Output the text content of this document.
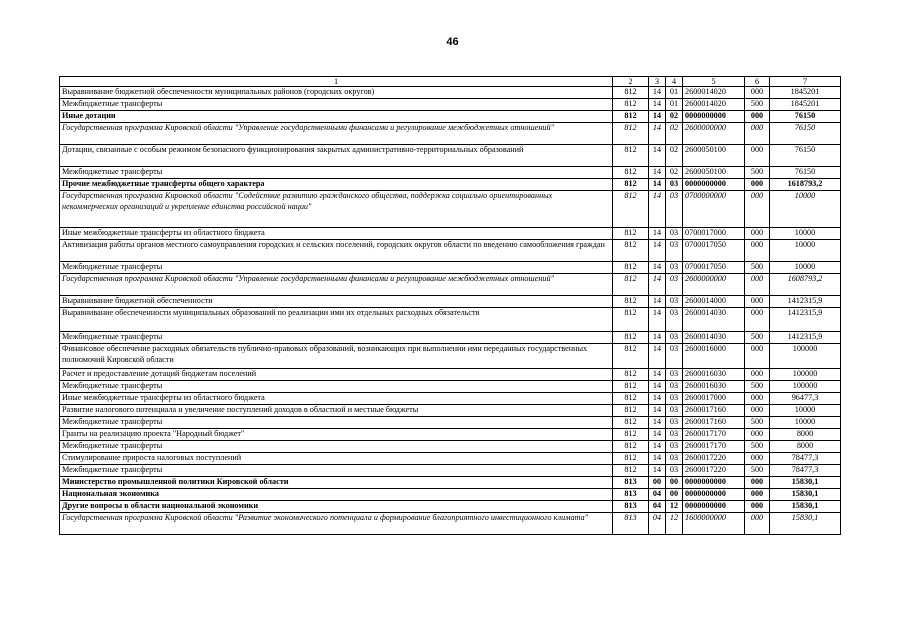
46
1	2	3	4	5	6	7
Выравнивание бюджетной обеспеченности муниципальных районов (городских округов)	812	14	01	2600014020	000	1845201
Межбюджетные трансферты	812	14	01	2600014020	500	1845201
Иные дотации	812	14	02	0000000000	000	76150
Государственная программа Кировской области "Управление государственными финансами и регулирование межбюджетных отношений"	812	14	02	2600000000	000	76150
Дотации, связанные с особым режимом безопасного функционирования закрытых административно-территориальных образований	812	14	02	2600050100	000	76150
Межбюджетные трансферты	812	14	02	2600050100	500	76150
Прочие межбюджетные трансферты общего характера	812	14	03	0000000000	000	1618793,2
Государственная программа Кировской области "Содействие развитию гражданского общества, поддержка социально ориентированных некоммерческих организаций и укрепление единства российской нации"	812	14	03	0700000000	000	10000
Иные межбюджетные трансферты из областного бюджета	812	14	03	0700017000	000	10000
Активизация работы органов местного самоуправления городских и сельских поселений, городских округов области по введению самообложения граждан	812	14	03	0700017050	000	10000
Межбюджетные трансферты	812	14	03	0700017050	500	10000
Государственная программа Кировской области "Управление государственными финансами и регулирование межбюджетных отношений"	812	14	03	2600000000	000	1608793,2
Выравнивание бюджетной обеспеченности	812	14	03	2600014000	000	1412315,9
Выравнивание обеспеченности муниципальных образований по реализации ими их отдельных расходных обязательств	812	14	03	2600014030	000	1412315,9
Межбюджетные трансферты	812	14	03	2600014030	500	1412315,9
Финансовое обеспечение расходных обязательств публично-правовых образований, возникающих при выполнении ими переданных государственных полномочий Кировской области	812	14	03	2600016000	000	100000
Расчет и предоставление дотаций бюджетам поселений	812	14	03	2600016030	000	100000
Межбюджетные трансферты	812	14	03	2600016030	500	100000
Иные межбюджетные трансферты из областного бюджета	812	14	03	2600017000	000	96477,3
Развитие налогового потенциала и увеличение поступлений доходов в областной и местные бюджеты	812	14	03	2600017160	000	10000
Межбюджетные трансферты	812	14	03	2600017160	500	10000
Гранты на реализацию проекта "Народный бюджет"	812	14	03	2600017170	000	8000
Межбюджетные трансферты	812	14	03	2600017170	500	8000
Стимулирование прироста налоговых поступлений	812	14	03	2600017220	000	78477,3
Межбюджетные трансферты	812	14	03	2600017220	500	78477,3
Министерство промышленной политики Кировской области	813	00	00	0000000000	000	15830,1
Национальная экономика	813	04	00	0000000000	000	15830,1
Другие вопросы в области национальной экономики	813	04	12	0000000000	000	15830,1
Государственная программа Кировской области "Развитие экономического потенциала и формирование благоприятного инвестиционного климата"	813	04	12	1600000000	000	15830,1
